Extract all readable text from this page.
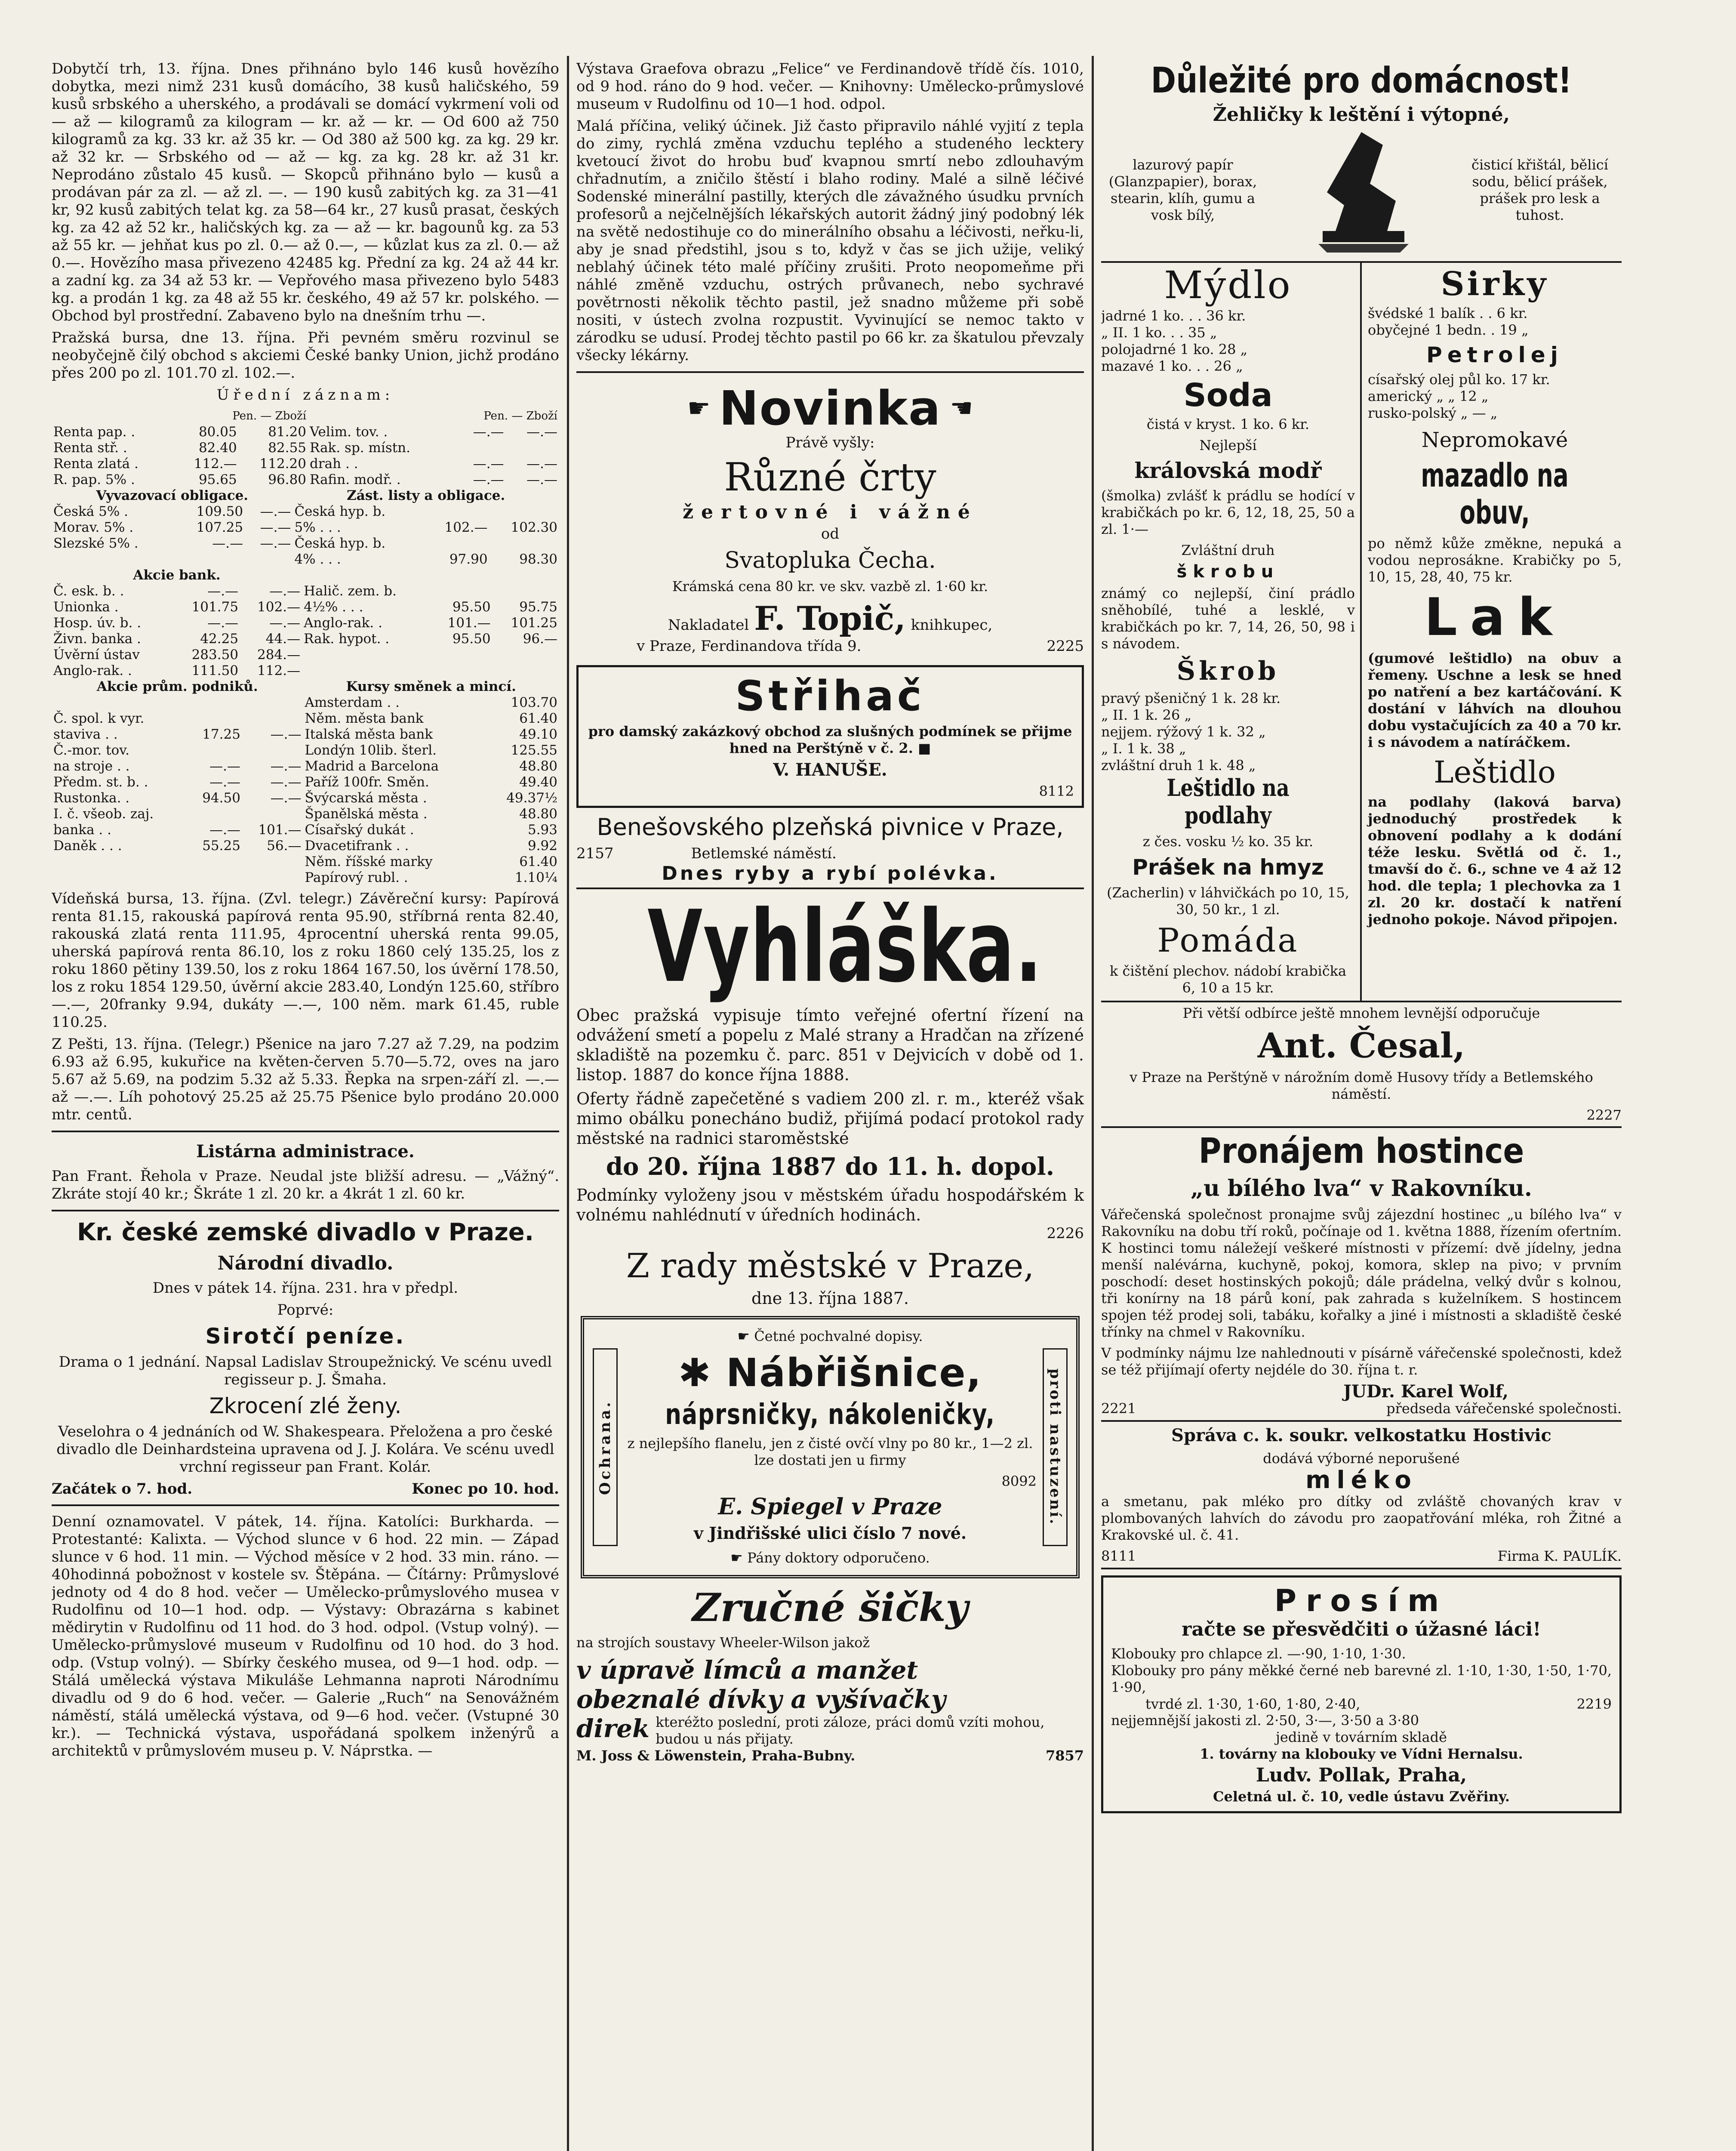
Dobytčí trh, 13. října. Dnes přihnáno bylo 146 kusů hovězího dobytka, mezi nimž 231 kusů domácího, 38 kusů haličského, 59 kusů srbského a uherského, a prodávali se domácí vykrmení voli od — až — kilogramů za kilogram — kr. až — kr. — Od 600 až 750 kilogramů za kg. 33 kr. až 35 kr. — Od 380 až 500 kg. za kg. 29 kr. až 32 kr. — Srbského od — až — kg. za kg. 28 kr. až 31 kr. Neprodáno zůstalo 45 kusů. — Skopců přihnáno bylo — kusů a prodávan pár za zl. — až zl. —. — 190 kusů zabitých kg. za 31—41 kr, 92 kusů zabitých telat kg. za 58—64 kr., 27 kusů prasat, českých kg. za 42 až 52 kr., haličských kg. za — až — kr. bagounů kg. za 53 až 55 kr. — jehňat kus po zl. 0.— až 0.—, — kůzlat kus za zl. 0.— až 0.—. Hovězího masa přivezeno 42485 kg. Přední za kg. 24 až 44 kr. a zadní kg. za 34 až 53 kr. — Vepřového masa přivezeno bylo 5483 kg. a prodán 1 kg. za 48 až 55 kr. českého, 49 až 57 kr. polského. — Obchod byl prostřední. Zabaveno bylo na dnešním trhu —.

Pražská bursa, dne 13. října. Při pevném směru rozvinul se neobyčejně čilý obchod s akciemi České banky Union, jichž prodáno přes 200 po zl. 101.70 zl. 102.—.

Úřední záznam:

	Pen. — Zboží			Pen. — Zboží	
Renta pap. .	80.05	81.20	Velim. tov. .	—.—	—.—
Renta stř. .	82.40	82.55	Rak. sp. místn.		
Renta zlatá .	112.—	112.20	drah . .	—.—	—.—
R. pap. 5% .	95.65	96.80	Rafin. modř. .	—.—	—.—
Vyvazovací obligace.			Zást. listy a obligace.		
Česká 5% .	109.50	—.—	Česká hyp. b.		
Morav. 5% .	107.25	—.—	5% . . .	102.—	102.30
Slezské 5% .	—.—	—.—	Česká hyp. b.		
			4% . . .	97.90	98.30
Akcie bank.					
Č. esk. b. .	—.—	—.—	Halič. zem. b.		
Unionka .	101.75	102.—	4½% . . .	95.50	95.75
Hosp. úv. b. .	—.—	—.—	Anglo-rak. .	101.—	101.25
Živn. banka .	42.25	44.—	Rak. hypot. .	95.50	96.—
Úvěrní ústav	283.50	284.—			
Anglo-rak. .	111.50	112.—			
Akcie prům. podniků.			Kursy směnek a mincí.		
			Amsterdam . .		103.70
Č. spol. k vyr.			Něm. města bank		61.40
stavivа . .	17.25	—.—	Italská města bank		49.10
Č.-mor. tov.			Londýn 10lib. šterl.		125.55
na stroje . .	—.—	—.—	Madrid a Barcelona		48.80
Předm. st. b. .	—.—	—.—	Paříž 100fr. Směn.		49.40
Rustonka. .	94.50	—.—	Švýcarská města .		49.37½
I. č. všeob. zaj.			Španělská města .		48.80
banka . .	—.—	101.—	Císařský dukát .		5.93
Daněk . . .	55.25	56.—	Dvacetifrank . .		9.92
			Něm. říšské marky		61.40
			Papírový rubl. .		1.10¼

Vídeňská bursa, 13. října. (Zvl. telegr.) Závěreční kursy: Papírová renta 81.15, rakouská papírová renta 95.90, stříbrná renta 82.40, rakouská zlatá renta 111.95, 4procentní uherská renta 99.05, uherská papírová renta 86.10, los z roku 1860 celý 135.25, los z roku 1860 pětiny 139.50, los z roku 1864 167.50, los úvěrní 178.50, los z roku 1854 129.50, úvěrní akcie 283.40, Londýn 125.60, stříbro —.—, 20franky 9.94, dukáty —.—, 100 něm. mark 61.45, ruble 110.25.

Z Pešti, 13. října. (Telegr.) Pšenice na jaro 7.27 až 7.29, na podzim 6.93 až 6.95, kukuřice na květen-červen 5.70—5.72, oves na jaro 5.67 až 5.69, na podzim 5.32 až 5.33. Řepka na srpen-září zl. —.— až —.—. Líh pohotový 25.25 až 25.75 Pšenice bylo prodáno 20.000 mtr. centů.

Listárna administrace.

Pan Frant. Řehola v Praze. Neudal jste bližší adresu. — „Vážný“. Zkráte stojí 40 kr.; Škráte 1 zl. 20 kr. a 4krát 1 zl. 60 kr.

Kr. české zemské divadlo v Praze.

Národní divadlo.

Dnes v pátek 14. října. 231. hra v předpl.

Poprvé:

Sirotčí peníze.

Drama o 1 jednání. Napsal Ladislav Stroupežnický. Ve scénu uvedl regisseur p. J. Šmaha.

Zkrocení zlé ženy.

Veselohra o 4 jednáních od W. Shakespeara. Přeložena a pro české divadlo dle Deinhardsteina upravena od J. J. Kolára. Ve scénu uvedl vrchní regisseur pan Frant. Kolár.

Začátek o 7. hod.	Konec po 10. hod.

Denní oznamovatel. V pátek, 14. října. Katolíci: Burkharda. — Protestanté: Kalixta. — Východ slunce v 6 hod. 22 min. — Západ slunce v 6 hod. 11 min. — Východ měsíce v 2 hod. 33 min. ráno. — 40hodinná pobožnost v kostele sv. Štěpána. — Čítárny: Průmyslové jednoty od 4 do 8 hod. večer — Umělecko-průmyslového musea v Rudolfinu od 10—1 hod. odp. — Výstavy: Obrazárna s kabinet mědirytin v Rudolfinu od 11 hod. do 3 hod. odpol. (Vstup volný). — Umělecko-průmyslové museum v Rudolfinu od 10 hod. do 3 hod. odp. (Vstup volný). — Sbírky českého musea, od 9—1 hod. odp. — Stálá umělecká výstava Mikuláše Lehmanna naproti Národnímu divadlu od 9 do 6 hod. večer. — Galerie „Ruch“ na Senovážném náměstí, stálá umělecká výstava, od 9—6 hod. večer. (Vstupné 30 kr.). — Technická výstava, uspořádaná spolkem inženýrů a architektů v průmyslovém museu p. V. Náprstka. —

Výstava Graefova obrazu „Felice“ ve Ferdinandově třídě čís. 1010, od 9 hod. ráno do 9 hod. večer. — Knihovny: Umělecko-průmyslové museum v Rudolfinu od 10—1 hod. odpol.

Malá příčina, veliký účinek. Již často připravilo náhlé vyjití z tepla do zimy, rychlá změna vzduchu teplého a studeného lecktery kvetoucí život do hrobu buď kvapnou smrtí nebo zdlouhavým chřadnutím, a zničilo štěstí i blaho rodiny. Malé a silně léčivé Sodenské minerální pastilly, kterých dle závažného úsudku prvních profesorů a nejčelnějších lékařských autorit žádný jiný podobný lék na světě nedostihuje co do minerálního obsahu a léčivosti, neřku-li, aby je snad předstihl, jsou s to, když v čas se jich užije, veliký neblahý účinek této malé příčiny zrušiti. Proto neopomeňme při náhlé změně vzduchu, ostrých průvanech, nebo sychravé povětrnosti několik těchto pastil, jež snadno můžeme při sobě nositi, v ústech zvolna rozpustit. Vyvinující se nemoc takto v zárodku se udusí. Prodej těchto pastil po 66 kr. za škatulou převzaly všecky lékárny.

☛ Novinka ☚

Právě vyšly:

Různé črty

žertovné i vážné

od

Svatopluka Čecha.

Krámská cena 80 kr. ve skv. vazbě zl. 1·60 kr.

Nakladatel F. Topič, knihkupec,
v Praze, Ferdinandova třída 9.	2225

Střihač

pro damský zakázkový obchod za slušných podmínek se přijme hned na Perštýně v č. 2. ■

V. HANUŠE.

8112

Benešovského plzeňská pivnice v Praze,

2157	Betlemské náměstí.

Dnes ryby a rybí polévka.

Vyhláška.

Obec pražská vypisuje tímto veřejné ofertní řízení na odvážení smetí a popelu z Malé strany a Hradčan na zřízené skladiště na pozemku č. parc. 851 v Dejvicích v době od 1. listop. 1887 do konce října 1888.

Oferty řádně zapečetěné s vadiem 200 zl. r. m., kteréž však mimo obálku ponecháno budiž, přijímá podací protokol rady městské na radnici staroměstské

do 20. října 1887 do 11. h. dopol.

Podmínky vyloženy jsou v městském úřadu hospodářském k volnému nahlédnutí v úředních hodinách.

2226

Z rady městské v Praze,

dne 13. října 1887.

☛ Četné pochvalné dopisy.

Ochrana.

✱ Nábřišnice,

náprsničky, nákoleničky,

z nejlepšího flanelu, jen z čisté ovčí vlny po 80 kr., 1—2 zl. lze dostati jen u firmy

8092

E. Spiegel v Praze

v Jindřišské ulici číslo 7 nové.

proti nastuzení.

☛ Pány doktory odporučeno.

Zručné šičky

na strojích soustavy Wheeler-Wilson jakož

v úpravě límců a manžet

obeznalé dívky a vyšívačky

direk kteréžto poslední, proti záloze, práci domů vzíti mohou, budou u nás přijaty.
M. Joss & Löwenstein, Praha-Bubny.	7857

Důležité pro domácnost!

Žehličky k leštění i výtopné,

lazurový papír (Glanzpapier), borax, stearin, klíh, gumu a vosk bílý,

čisticí křištál, bělicí sodu, bělicí prášek, prášek pro lesk a tuhost.

Mýdlo

jadrné 1 ko. . . 36 kr.

„ II. 1 ko. . . 35 „

polojadrné 1 ko. 28 „

mazavé 1 ko. . . 26 „

Soda

čistá v kryst. 1 ko. 6 kr.

Nejlepší

královská modř

(šmolka) zvlášť k prádlu se hodící v krabičkách po kr. 6, 12, 18, 25, 50 a zl. 1·—

Zvláštní druh

škrobu

známý co nejlepší, činí prádlo sněhobílé, tuhé a lesklé, v krabičkách po kr. 7, 14, 26, 50, 98 i s návodem.

Škrob

pravý pšeničný 1 k. 28 kr.

„ II. 1 k. 26 „

nejjem. rýžový 1 k. 32 „

„ I. 1 k. 38 „

zvláštní druh 1 k. 48 „

Leštidlo na podlahy

z čes. vosku ½ ko. 35 kr.

Prášek na hmyz

(Zacherlin) v láhvičkách po 10, 15, 30, 50 kr., 1 zl.

Pomáda

k čištění plechov. nádobí krabička 6, 10 a 15 kr.

Sirky

švédské 1 balík . . 6 kr.

obyčejné 1 bedn. . 19 „

Petrolej

císařský olej půl ko. 17 kr.

americký „ „ 12 „

rusko-polský „ — „

Nepromokavé

mazadlo na obuv,

po němž kůže změkne, nepuká a vodou neprosákne. Krabičky po 5, 10, 15, 28, 40, 75 kr.

Lak

(gumové leštidlo) na obuv a řemeny. Uschne a lesk se hned po natření a bez kartáčování. K dostání v láhvích na dlouhou dobu vystačujících za 40 a 70 kr. i s návodem a natíráčkem.

Leštidlo

na podlahy (laková barva) jednoduchý prostředek k obnovení podlahy a k dodání téže lesku. Světlá od č. 1., tmavší do č. 6., schne ve 4 až 12 hod. dle tepla; 1 plechovka za 1 zl. 20 kr. dostačí k natření jednoho pokoje. Návod připojen.

Při větší odbírce ještě mnohem levnější odporučuje

Ant. Česal,

v Praze na Perštýně v nárožním domě Husovy třídy a Betlemského náměstí.

2227

Pronájem hostince

„u bílého lva“ v Rakovníku.

Vářečenská společnost pronajme svůj zájezdní hostinec „u bílého lva“ v Rakovníku na dobu tří roků, počínaje od 1. května 1888, řízením ofertním. K hostinci tomu náležejí veškeré místnosti v přízemí: dvě jídelny, jedna menší nalévárna, kuchyně, pokoj, komora, sklep na pivo; v prvním poschodí: deset hostinských pokojů; dále prádelna, velký dvůr s kolnou, tři konírny na 18 párů koní, pak zahrada s kuželníkem. S hostincem spojen též prodej soli, tabáku, kořalky a jiné i místnosti a skladiště české třínky na chmel v Rakovníku.

V podmínky nájmu lze nahlednouti v písárně vářečenské společnosti, kdež se též přijímají oferty nejdéle do 30. října t. r.

JUDr. Karel Wolf,

2221	předseda vářečenské společnosti.

Správa c. k. soukr. velkostatku Hostivic

dodává výborné neporušené

mléko

a smetanu, pak mléko pro dítky od zvláště chovaných krav v plombovaných lahvích do závodu pro zaopatřování mléka, roh Žitné a Krakovské ul. č. 41.

8111	Firma K. PAULÍK.

Prosím

račte se přesvědčiti o úžasné láci!

Klobouky pro chlapce zl. —·90, 1·10, 1·30.

Klobouky pro pány měkké černé neb barevné zl. 1·10, 1·30, 1·50, 1·70, 1·90,

tvrdé zl. 1·30, 1·60, 1·80, 2·40,	2219

nejjemnější jakosti zl. 2·50, 3·—, 3·50 a 3·80

jedině v továrním skladě

1. továrny na klobouky ve Vídni Hernalsu.

Ludv. Pollak, Praha,

Celetná ul. č. 10, vedle ústavu Zvěřiny.
